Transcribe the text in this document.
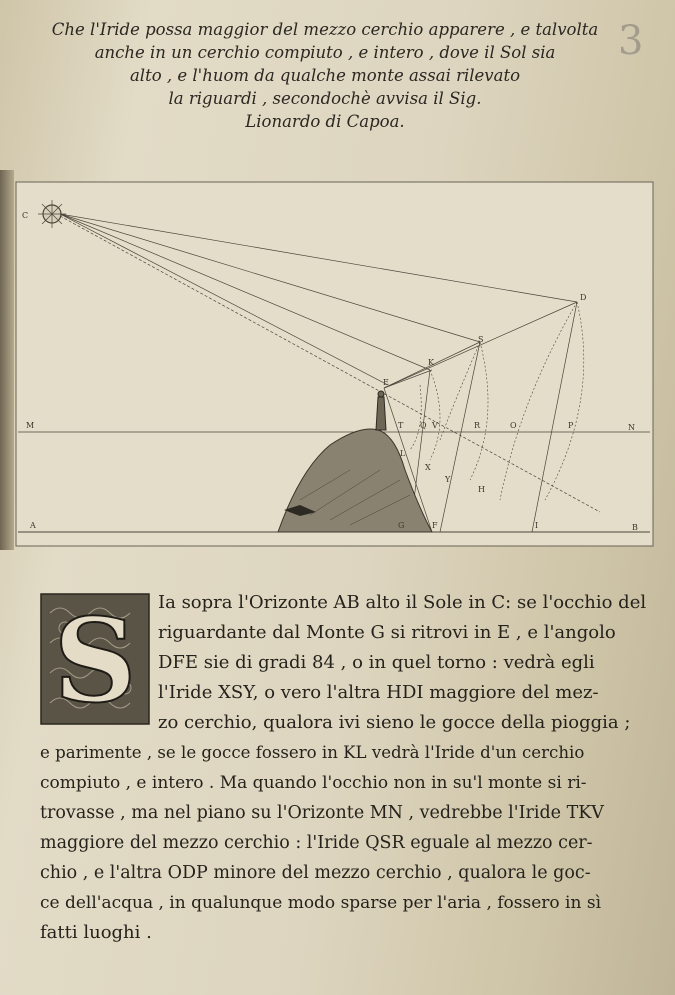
Che l'Iride possa maggior del mezzo cerchio apparere , e talvolta
anche in un cerchio compiuto , e intero , dove il Sol sia
alto , e l'huom da qualche monte assai rilevato
la riguardi , secondochè avvisa il Sig.
Lionardo di Capoa.
3
C
D
S
K
E
M	N
T Q V	R	O	P
L
X
Y
H
I
A	B
G	F
S	Ia sopra l'Orizonte AB alto il Sole in C: se l'occhio del
riguardante dal Monte G si ritrovi in E , e l'angolo
DFE sie di gradi 84 , o in quel torno : vedrà egli
l'Iride XSY, o vero l'altra HDI maggiore del mez-
zo cerchio, qualora ivi sieno le gocce della pioggia ;
e parimente , se le gocce fossero in KL vedrà l'Iride d'un cerchio
compiuto , e intero . Ma quando l'occhio non in su'l monte si ri-
trovasse , ma nel piano su l'Orizonte MN , vedrebbe l'Iride TKV
maggiore del mezzo cerchio : l'Iride QSR eguale al mezzo cer-
chio , e l'altra ODP minore del mezzo cerchio , qualora le goc-
ce dell'acqua , in qualunque modo sparse per l'aria , fossero in sì
fatti luoghi .
